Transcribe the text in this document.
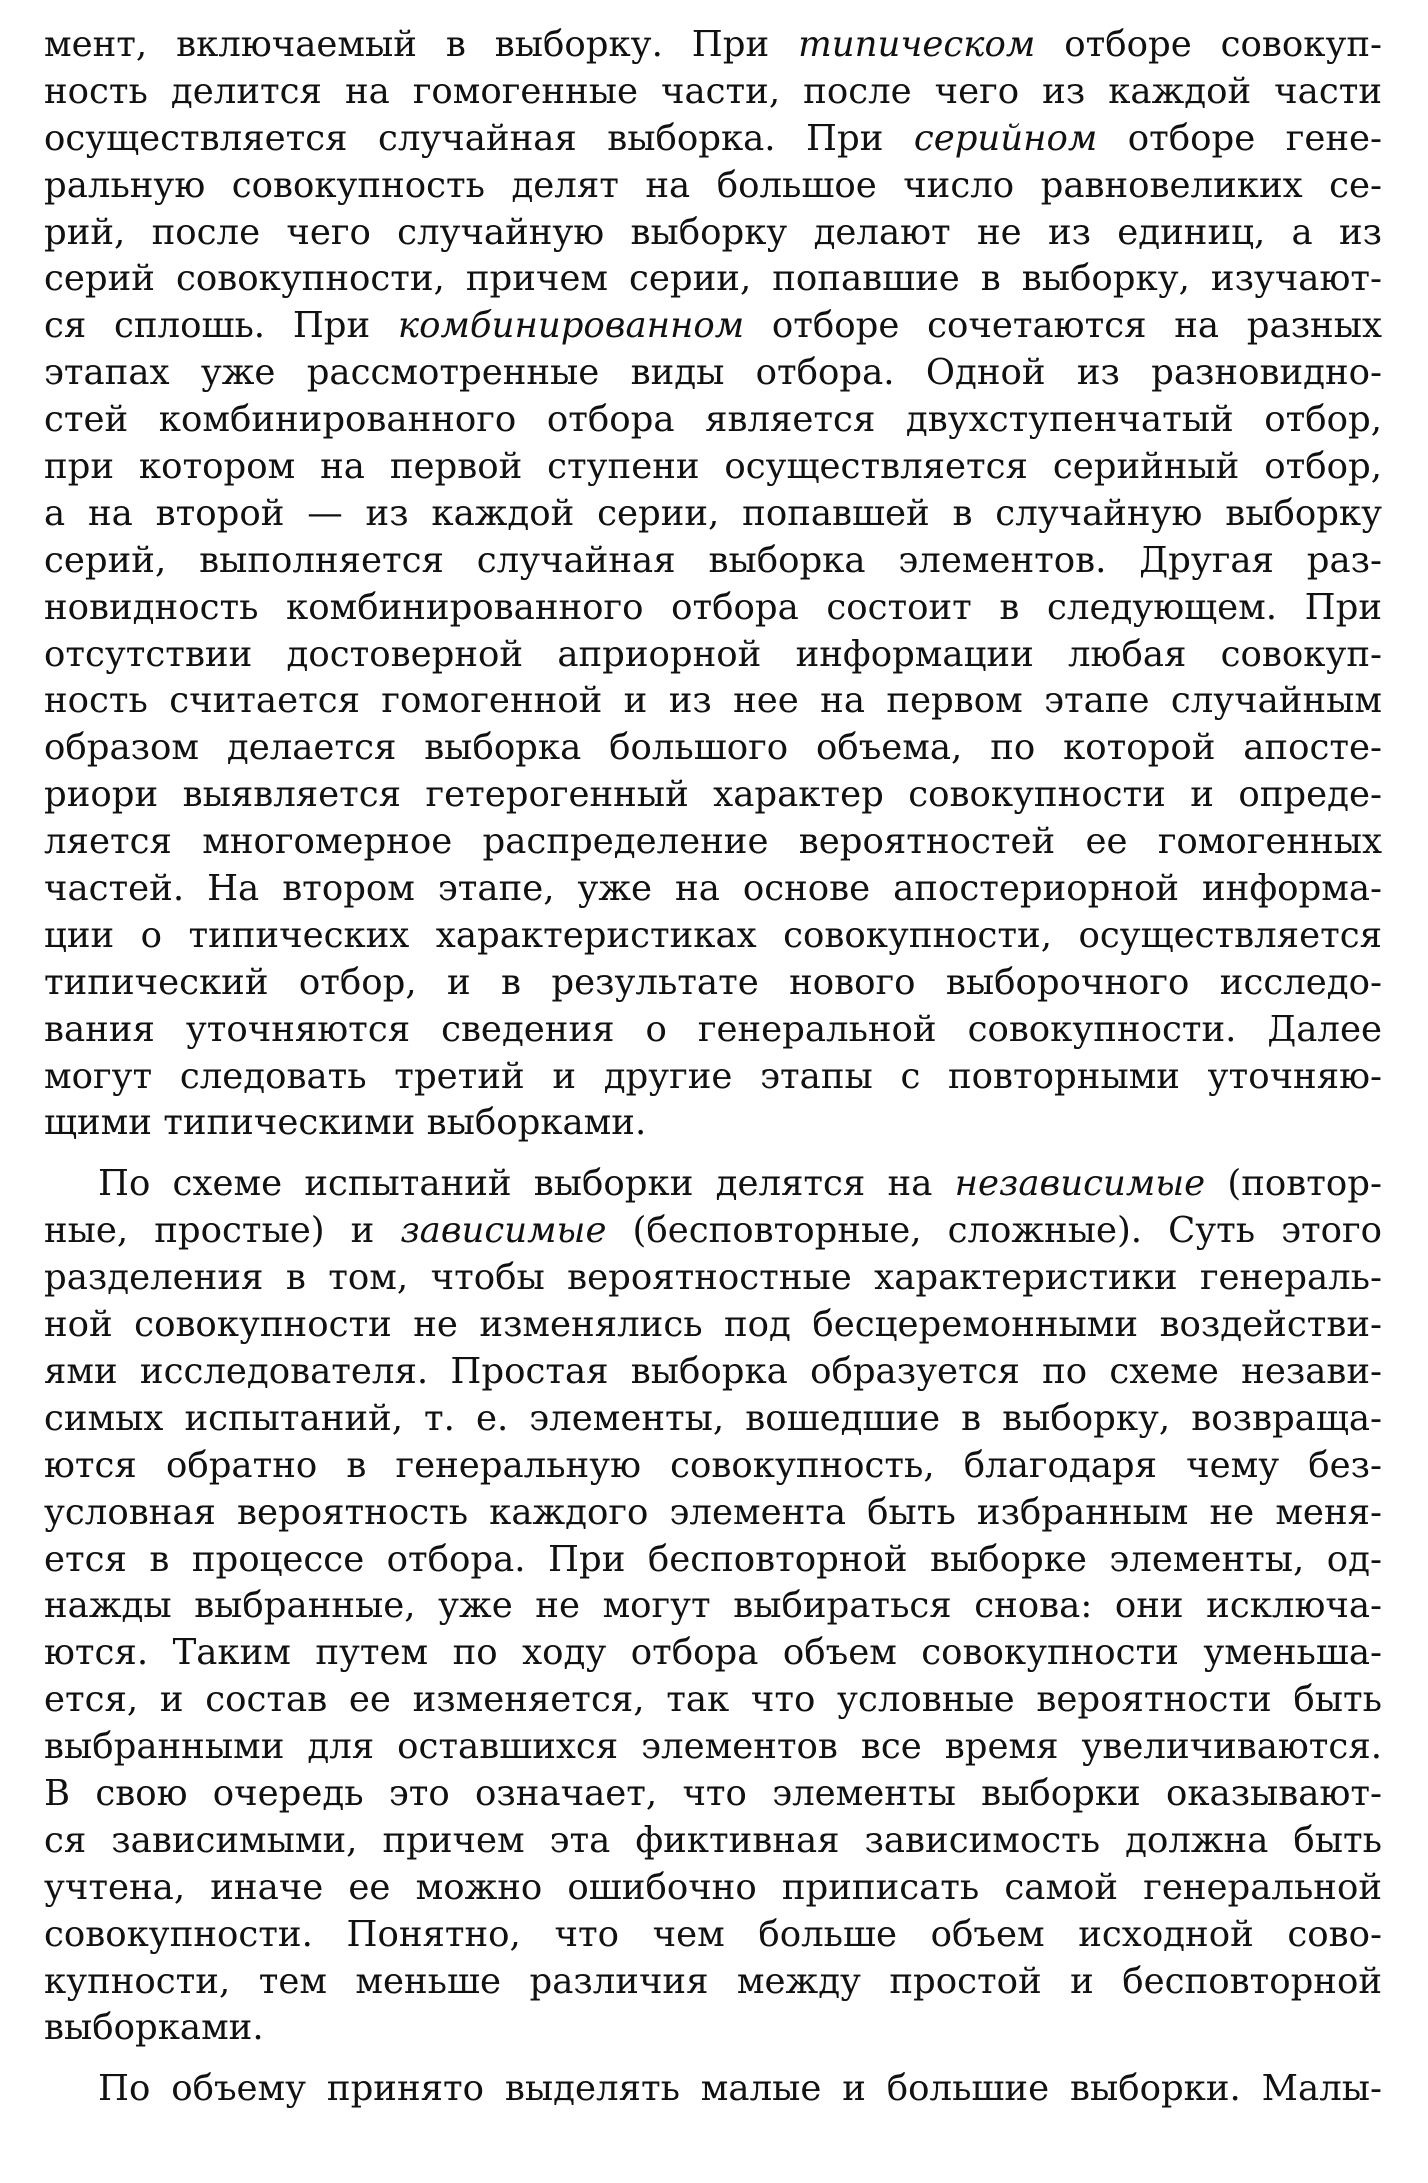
мент, включаемый в выборку. При типическом отборе совокуп-
ность делится на гомогенные части, после чего из каждой части
осуществляется случайная выборка. При серийном отборе гене-
ральную совокупность делят на большое число равновеликих се-
рий, после чего случайную выборку делают не из единиц, а из
серий совокупности, причем серии, попавшие в выборку, изучают-
ся сплошь. При комбинированном отборе сочетаются на разных
этапах уже рассмотренные виды отбора. Одной из разновидно-
стей комбинированного отбора является двухступенчатый отбор,
при котором на первой ступени осуществляется серийный отбор,
а на второй — из каждой серии, попавшей в случайную выборку
серий, выполняется случайная выборка элементов. Другая раз-
новидность комбинированного отбора состоит в следующем. При
отсутствии достоверной априорной информации любая совокуп-
ность считается гомогенной и из нее на первом этапе случайным
образом делается выборка большого объема, по которой апосте-
риори выявляется гетерогенный характер совокупности и опреде-
ляется многомерное распределение вероятностей ее гомогенных
частей. На втором этапе, уже на основе апостериорной информа-
ции о типических характеристиках совокупности, осуществляется
типический отбор, и в результате нового выборочного исследо-
вания уточняются сведения о генеральной совокупности. Далее
могут следовать третий и другие этапы с повторными уточняю-
щими типическими выборками.
По схеме испытаний выборки делятся на независимые (повтор-
ные, простые) и зависимые (бесповторные, сложные). Суть этого
разделения в том, чтобы вероятностные характеристики генераль-
ной совокупности не изменялись под бесцеремонными воздействи-
ями исследователя. Простая выборка образуется по схеме незави-
симых испытаний, т. е. элементы, вошедшие в выборку, возвраща-
ются обратно в генеральную совокупность, благодаря чему без-
условная вероятность каждого элемента быть избранным не меня-
ется в процессе отбора. При бесповторной выборке элементы, од-
нажды выбранные, уже не могут выбираться снова: они исключа-
ются. Таким путем по ходу отбора объем совокупности уменьша-
ется, и состав ее изменяется, так что условные вероятности быть
выбранными для оставшихся элементов все время увеличиваются.
В свою очередь это означает, что элементы выборки оказывают-
ся зависимыми, причем эта фиктивная зависимость должна быть
учтена, иначе ее можно ошибочно приписать самой генеральной
совокупности. Понятно, что чем больше объем исходной сово-
купности, тем меньше различия между простой и бесповторной
выборками.
По объему принято выделять малые и большие выборки. Малы-
